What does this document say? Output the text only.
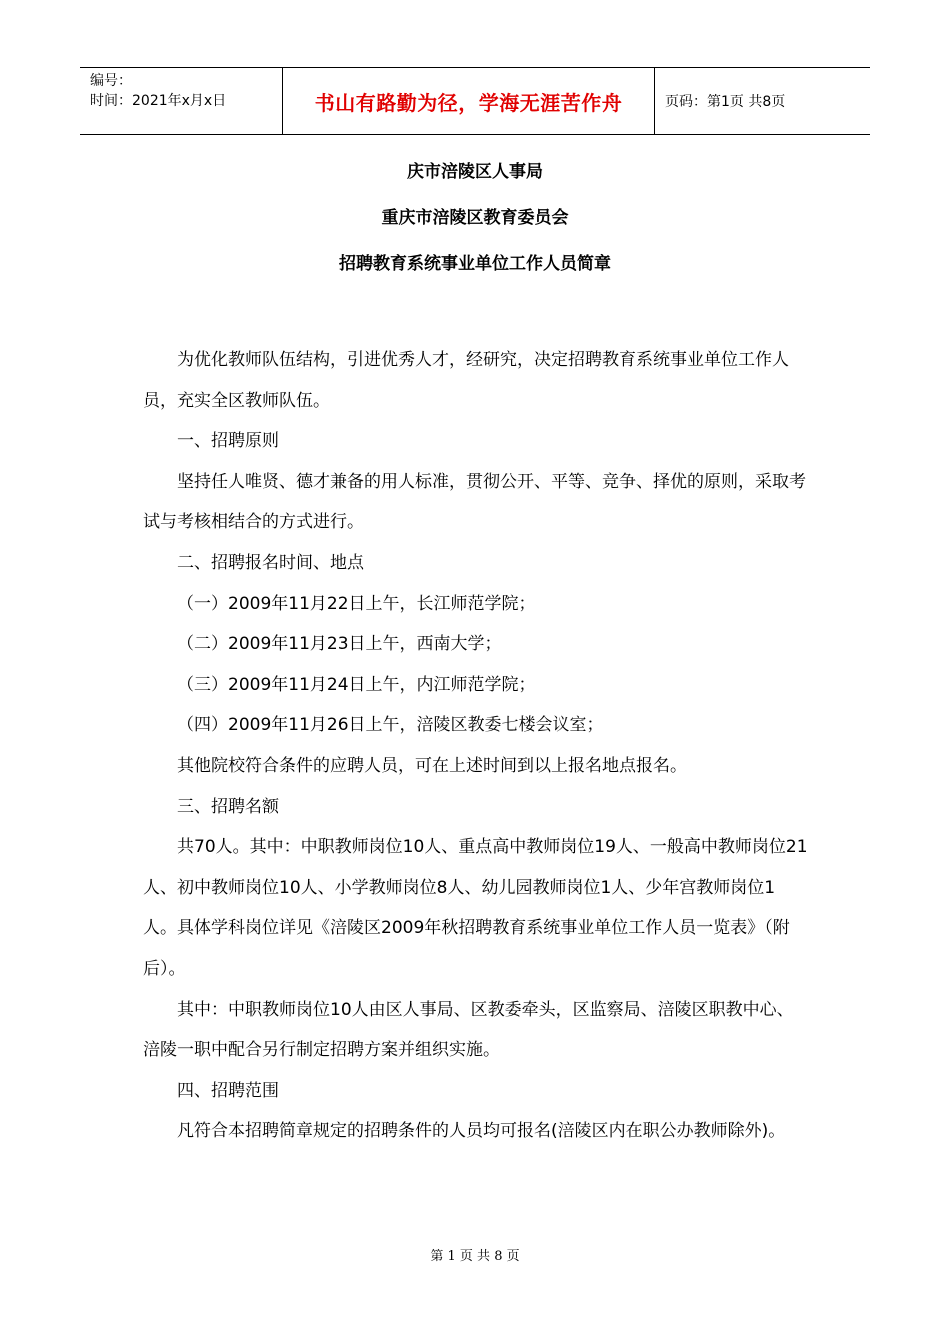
编号：
时间：2021年x月x日	书山有路勤为径，学海无涯苦作舟	页码：第1页 共8页
庆市涪陵区人事局
重庆市涪陵区教育委员会
招聘教育系统事业单位工作人员简章

为优化教师队伍结构，引进优秀人才，经研究，决定招聘教育系统事业单位工作人员，充实全区教师队伍。

一、招聘原则

坚持任人唯贤、德才兼备的用人标准，贯彻公开、平等、竞争、择优的原则，采取考试与考核相结合的方式进行。

二、招聘报名时间、地点

（一）2009年11月22日上午，长江师范学院；

（二）2009年11月23日上午，西南大学；

（三）2009年11月24日上午，内江师范学院；

（四）2009年11月26日上午，涪陵区教委七楼会议室；

其他院校符合条件的应聘人员，可在上述时间到以上报名地点报名。

三、招聘名额

共70人。其中：中职教师岗位10人、重点高中教师岗位19人、一般高中教师岗位21人、初中教师岗位10人、小学教师岗位8人、幼儿园教师岗位1人、少年宫教师岗位1人。具体学科岗位详见《涪陵区2009年秋招聘教育系统事业单位工作人员一览表》（附后）。

其中：中职教师岗位10人由区人事局、区教委牵头，区监察局、涪陵区职教中心、涪陵一职中配合另行制定招聘方案并组织实施。

四、招聘范围

凡符合本招聘简章规定的招聘条件的人员均可报名(涪陵区内在职公办教师除外)。

第 1 页 共 8 页
